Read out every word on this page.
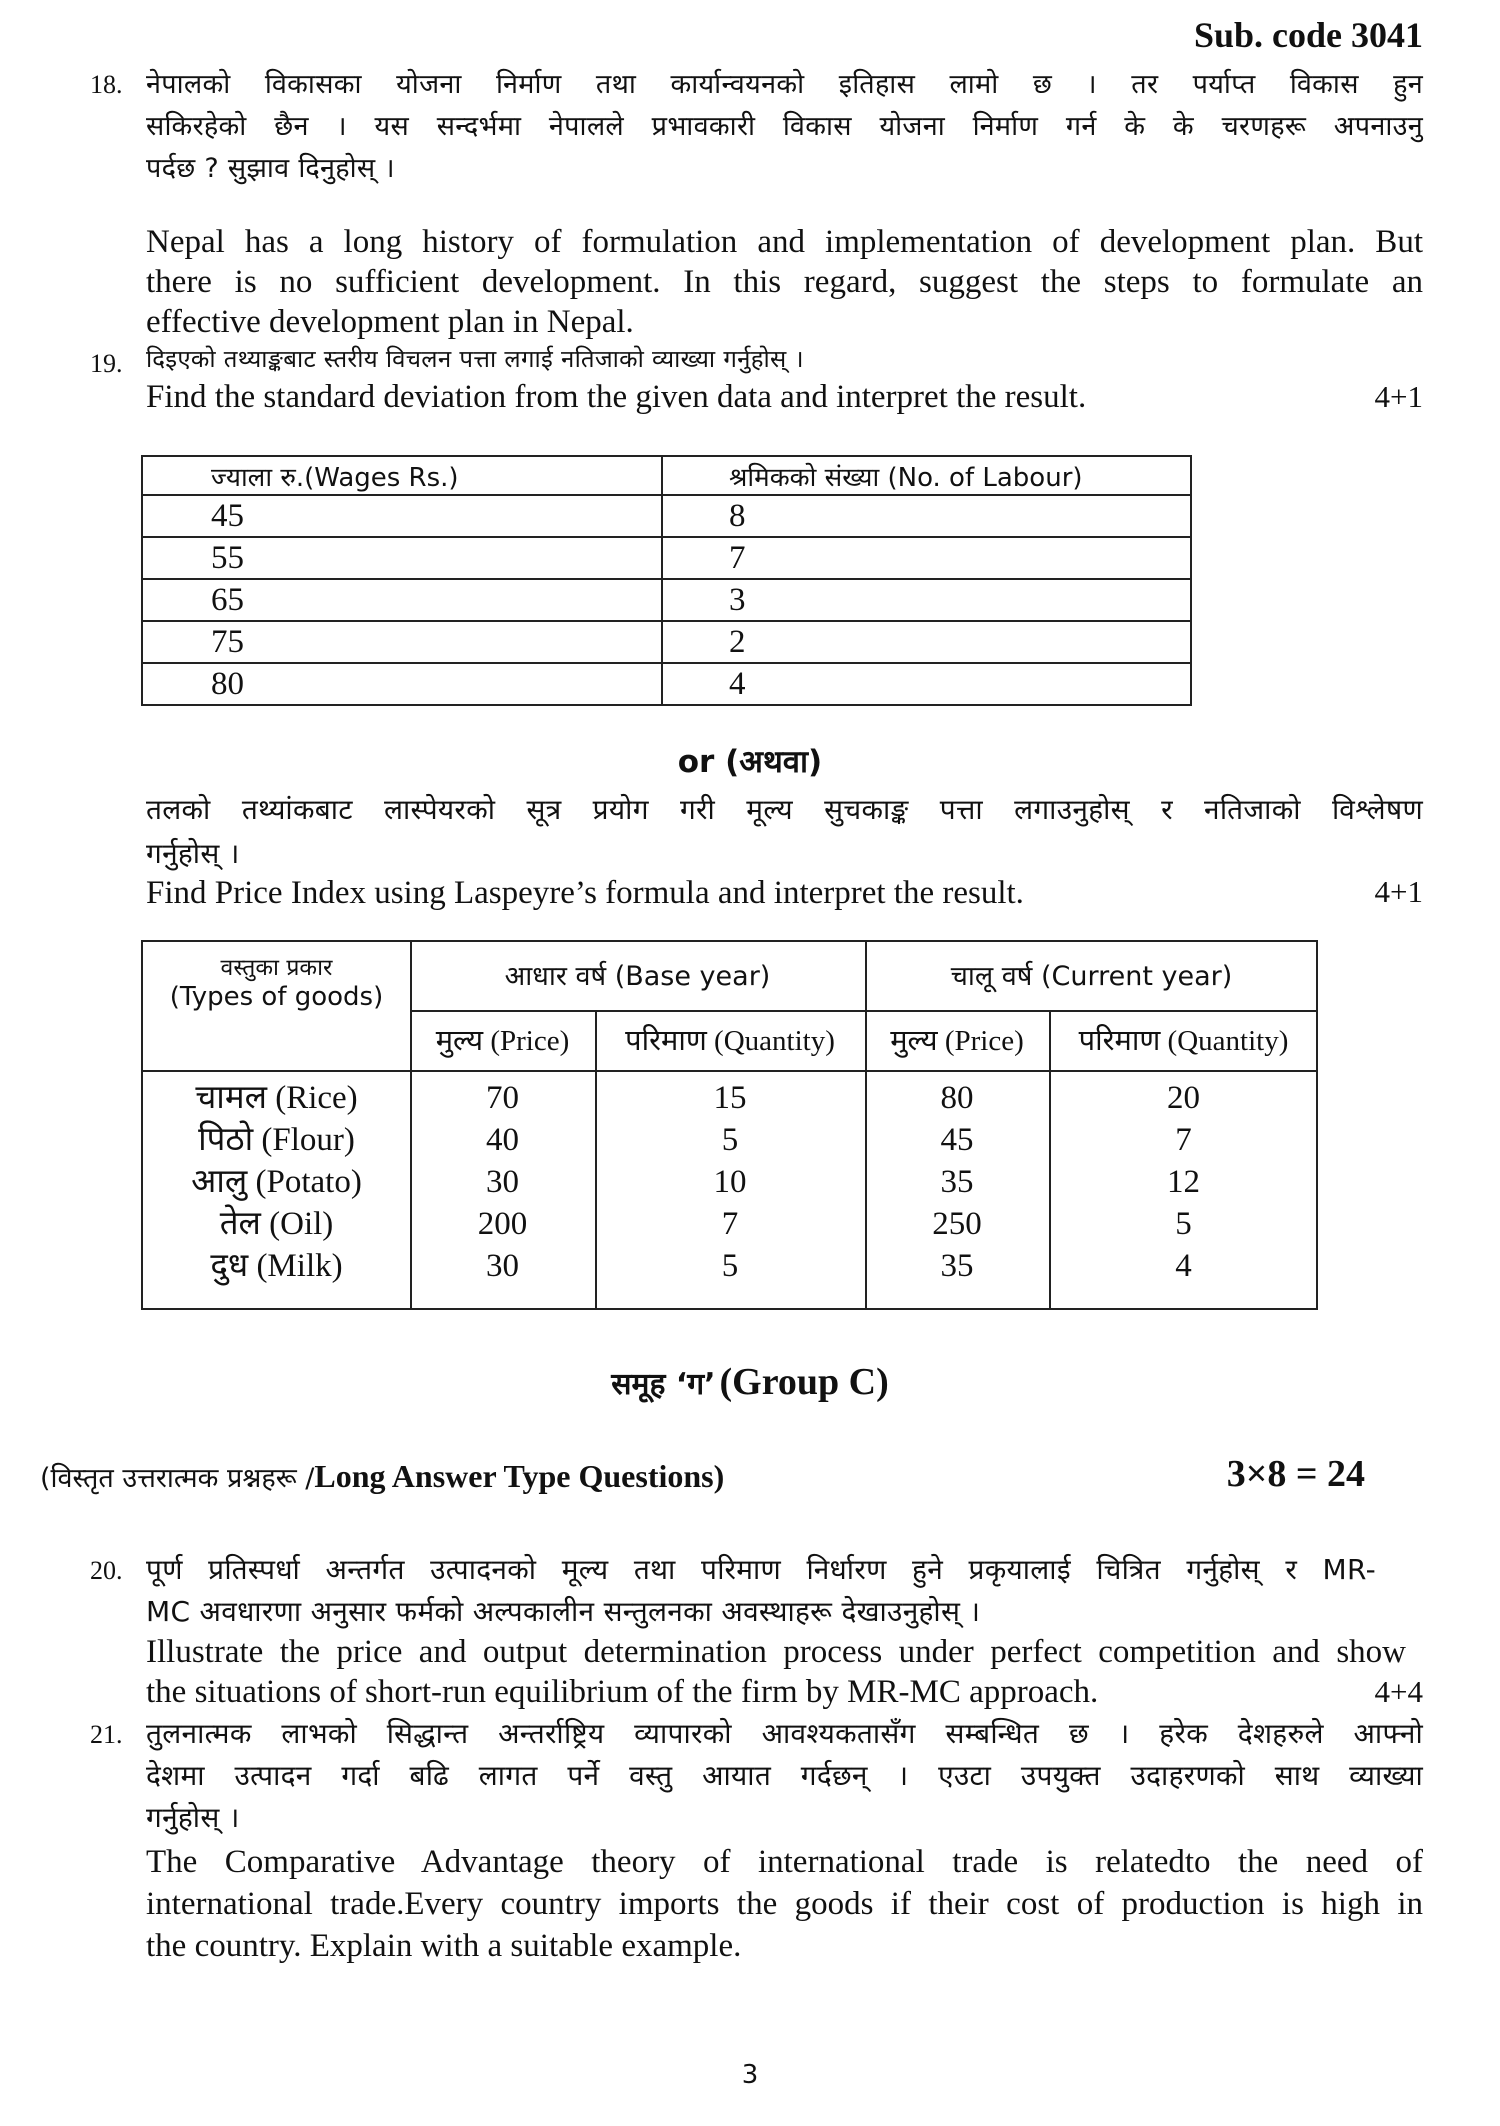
Sub. code 3041
18. नेपालको विकासका योजना निर्माण तथा कार्यान्वयनको इतिहास लामो छ । तर पर्याप्त विकास हुन
सकिरहेको छैन । यस सन्दर्भमा नेपालले प्रभावकारी विकास योजना निर्माण गर्न के के चरणहरू अपनाउनु
पर्दछ ? सुझाव दिनुहोस् ।
Nepal has a long history of formulation and implementation of development plan. But
there is no sufficient development. In this regard, suggest the steps to formulate an
effective development plan in Nepal.
19. दिइएको तथ्याङ्कबाट स्तरीय विचलन पत्ता लगाई नतिजाको व्याख्या गर्नुहोस् ।
Find the standard deviation from the given data and interpret the result.	4+1
ज्याला रु.(Wages Rs.)	श्रमिकको संख्या (No. of Labour)
45	8
55	7
65	3
75	2
80	4
or (अथवा)
तलको तथ्यांकबाट लास्पेयरको सूत्र प्रयोग गरी मूल्य सुचकाङ्क पत्ता लगाउनुहोस् र नतिजाको विश्लेषण
गर्नुहोस् ।
Find Price Index using Laspeyre’s formula and interpret the result.	4+1
वस्तुका प्रकार
(Types of goods)
आधार वर्ष (Base year)	चालू वर्ष (Current year)
मुल्य (Price)	परिमाण (Quantity)	मुल्य (Price)	परिमाण (Quantity)
चामल (Rice)	70	15	80	20
पिठो (Flour)	40	5	45	7
आलु (Potato)	30	10	35	12
तेल (Oil)	200	7	250	5
दुध (Milk)	30	5	35	4
समूह ‘ग’ (Group C)
(विस्तृत उत्तरात्मक प्रश्नहरू /Long Answer Type Questions)	3×8 = 24
20. पूर्ण प्रतिस्पर्धा अन्तर्गत उत्पादनको मूल्य तथा परिमाण निर्धारण हुने प्रकृयालाई चित्रित गर्नुहोस् र MR-
MC अवधारणा अनुसार फर्मको अल्पकालीन सन्तुलनका अवस्थाहरू देखाउनुहोस् ।
Illustrate the price and output determination process under perfect competition and show
the situations of short-run equilibrium of the firm by MR-MC approach.	4+4
21. तुलनात्मक लाभको सिद्धान्त अन्तर्राष्ट्रिय व्यापारको आवश्यकतासँग सम्बन्धित छ । हरेक देशहरुले आफ्नो
देशमा उत्पादन गर्दा बढि लागत पर्ने वस्तु आयात गर्दछन् । एउटा उपयुक्त उदाहरणको साथ व्याख्या
गर्नुहोस् ।
The Comparative Advantage theory of international trade is relatedto the need of
international trade.Every country imports the goods if their cost of production is high in
the country. Explain with a suitable example.
3
